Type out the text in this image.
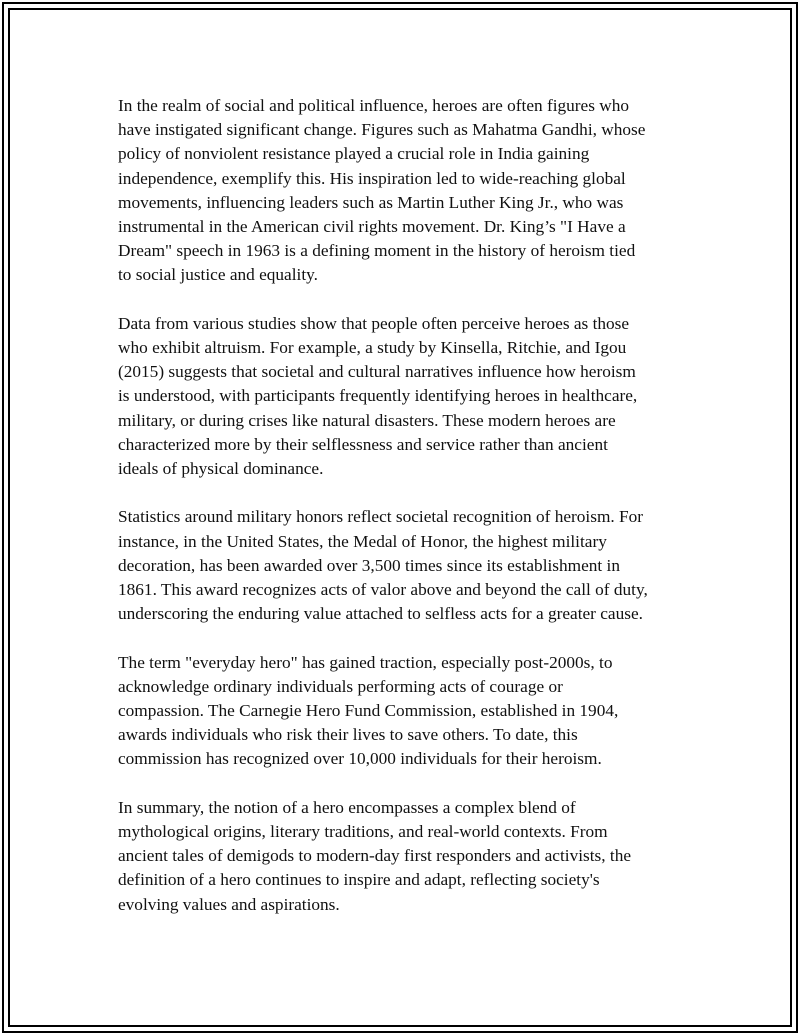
In the realm of social and political influence, heroes are often figures who
have instigated significant change. Figures such as Mahatma Gandhi, whose
policy of nonviolent resistance played a crucial role in India gaining
independence, exemplify this. His inspiration led to wide-reaching global
movements, influencing leaders such as Martin Luther King Jr., who was
instrumental in the American civil rights movement. Dr. King’s "I Have a
Dream" speech in 1963 is a defining moment in the history of heroism tied
to social justice and equality.

Data from various studies show that people often perceive heroes as those
who exhibit altruism. For example, a study by Kinsella, Ritchie, and Igou
(2015) suggests that societal and cultural narratives influence how heroism
is understood, with participants frequently identifying heroes in healthcare,
military, or during crises like natural disasters. These modern heroes are
characterized more by their selflessness and service rather than ancient
ideals of physical dominance.

Statistics around military honors reflect societal recognition of heroism. For
instance, in the United States, the Medal of Honor, the highest military
decoration, has been awarded over 3,500 times since its establishment in
1861. This award recognizes acts of valor above and beyond the call of duty,
underscoring the enduring value attached to selfless acts for a greater cause.

The term "everyday hero" has gained traction, especially post-2000s, to
acknowledge ordinary individuals performing acts of courage or
compassion. The Carnegie Hero Fund Commission, established in 1904,
awards individuals who risk their lives to save others. To date, this
commission has recognized over 10,000 individuals for their heroism.

In summary, the notion of a hero encompasses a complex blend of
mythological origins, literary traditions, and real-world contexts. From
ancient tales of demigods to modern-day first responders and activists, the
definition of a hero continues to inspire and adapt, reflecting society's
evolving values and aspirations.
